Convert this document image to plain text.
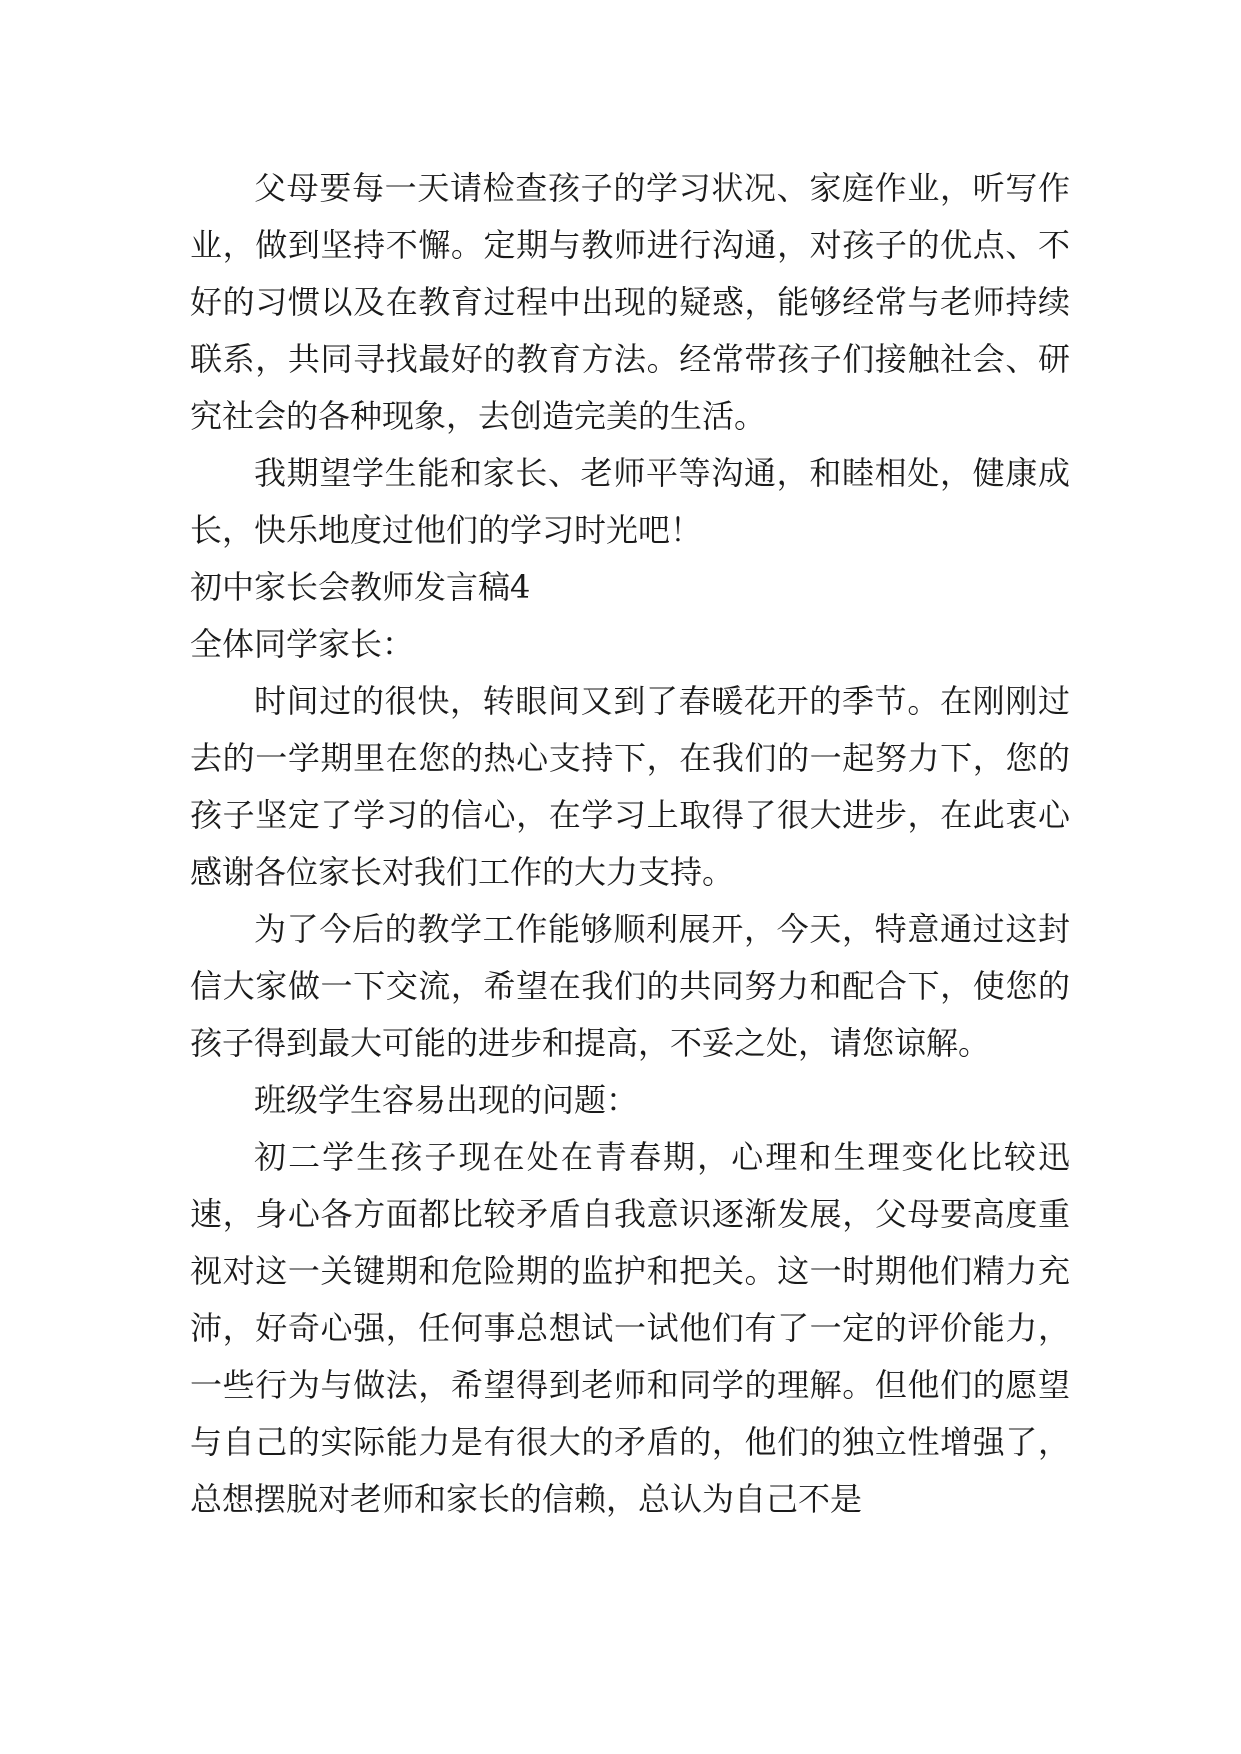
父母要每一天请检查孩子的学习状况、家庭作业，听写作业，做到坚持不懈。定期与教师进行沟通，对孩子的优点、不好的习惯以及在教育过程中出现的疑惑，能够经常与老师持续联系，共同寻找最好的教育方法。经常带孩子们接触社会、研究社会的各种现象，去创造完美的生活。

我期望学生能和家长、老师平等沟通，和睦相处，健康成长，快乐地度过他们的学习时光吧！

初中家长会教师发言稿4

全体同学家长：

时间过的很快，转眼间又到了春暖花开的季节。在刚刚过去的一学期里在您的热心支持下，在我们的一起努力下，您的孩子坚定了学习的信心，在学习上取得了很大进步，在此衷心感谢各位家长对我们工作的大力支持。

为了今后的教学工作能够顺利展开，今天，特意通过这封信大家做一下交流，希望在我们的共同努力和配合下，使您的孩子得到最大可能的进步和提高，不妥之处，请您谅解。

班级学生容易出现的问题：

初二学生孩子现在处在青春期，心理和生理变化比较迅速，身心各方面都比较矛盾自我意识逐渐发展，父母要高度重视对这一关键期和危险期的监护和把关。这一时期他们精力充沛，好奇心强，任何事总想试一试他们有了一定的评价能力，一些行为与做法，希望得到老师和同学的理解。但他们的愿望与自己的实际能力是有很大的矛盾的，他们的独立性增强了，总想摆脱对老师和家长的信赖，总认为自己不是
